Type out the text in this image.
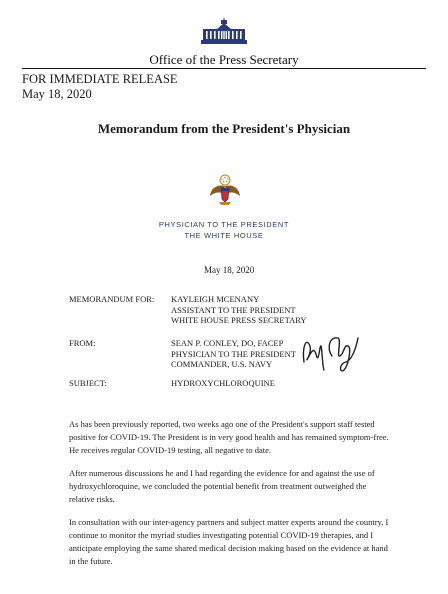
Office of the Press Secretary
FOR IMMEDIATE RELEASE
May 18, 2020
Memorandum from the President's Physician
PHYSICIAN TO THE PRESIDENT
THE WHITE HOUSE
May 18, 2020
MEMORANDUM FOR:	KAYLEIGH MCENANY
ASSISTANT TO THE PRESIDENT
WHITE HOUSE PRESS SECRETARY
FROM:	SEAN P. CONLEY, DO, FACEP
PHYSICIAN TO THE PRESIDENT
COMMANDER, U.S. NAVY
SUBJECT:	HYDROXYCHLOROQUINE
As has been previously reported, two weeks ago one of the President's support staff tested positive for COVID-19. The President is in very good health and has remained symptom-free. He receives regular COVID-19 testing, all negative to date.
After numerous discussions he and I had regarding the evidence for and against the use of hydroxychloroquine, we concluded the potential benefit from treatment outweighed the relative risks.
In consultation with our inter-agency partners and subject matter experts around the country, I continue to monitor the myriad studies investigating potential COVID-19 therapies, and I anticipate employing the same shared medical decision making based on the evidence at hand in the future.
